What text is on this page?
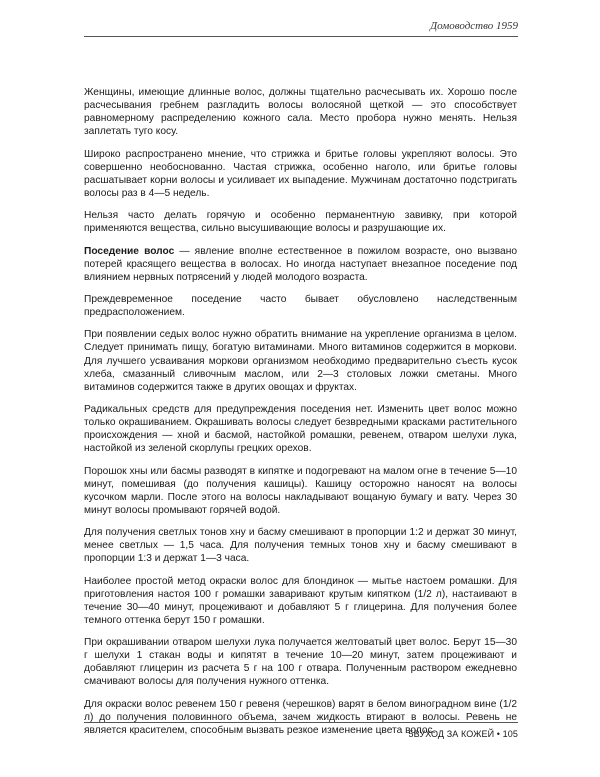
Домоводство 1959

Женщины, имеющие длинные волос, должны тщательно расчесывать их. Хорошо после расчесывания гребнем разгладить волосы волосяной щеткой — это способствует равномерному распределению кожного сала. Место пробора нужно менять. Нельзя заплетать туго косу.

Широко распространено мнение, что стрижка и бритье головы укрепляют волосы. Это совершенно необоснованно. Частая стрижка, особенно наголо, или бритье головы расшатывает корни волосы и усиливает их выпадение. Мужчинам достаточно подстригать волосы раз в 4—5 недель.

Нельзя часто делать горячую и особенно перманентную завивку, при которой применяются вещества, сильно высушивающие волосы и разрушающие их.

Поседение волос — явление вполне естественное в пожилом возрасте, оно вызвано потерей красящего вещества в волосах. Но иногда наступает внезапное поседение под влиянием нервных потрясений у людей молодого возраста.

Преждевременное поседение часто бывает обусловлено наследственным предрасположением.

При появлении седых волос нужно обратить внимание на укрепление организма в целом. Следует принимать пищу, богатую витаминами. Много витаминов содержится в моркови. Для лучшего усваивания моркови организмом необходимо предварительно съесть кусок хлеба, смазанный сливочным маслом, или 2—3 столовых ложки сметаны. Много витаминов содержится также в других овощах и фруктах.

Радикальных средств для предупреждения поседения нет. Изменить цвет волос можно только окрашиванием. Окрашивать волосы следует безвредными красками растительного происхождения — хной и басмой, настойкой ромашки, ревенем, отваром шелухи лука, настойкой из зеленой скорлупы грецких орехов.

Порошок хны или басмы разводят в кипятке и подогревают на малом огне в течение 5—10 минут, помешивая (до получения кашицы). Кашицу осторожно наносят на волосы кусочком марли. После этого на волосы накладывают вощаную бумагу и вату. Через 30 минут волосы промывают горячей водой.

Для получения светлых тонов хну и басму смешивают в пропорции 1:2 и держат 30 минут, менее светлых — 1,5 часа. Для получения темных тонов хну и басму смешивают в пропорции 1:3 и держат 1—3 часа.

Наиболее простой метод окраски волос для блондинок — мытье настоем ромашки. Для приготовления настоя 100 г ромашки заваривают крутым кипятком (1/2 л), настаивают в течение 30—40 минут, процеживают и добавляют 5 г глицерина. Для получения более темного оттенка берут 150 г ромашки.

При окрашивании отваром шелухи лука получается желтоватый цвет волос. Берут 15—30 г шелухи 1 стакан воды и кипятят в течение 10—20 минут, затем процеживают и добавляют глицерин из расчета 5 г на 100 г отвара. Полученным раствором ежедневно смачивают волосы для получения нужного оттенка.

Для окраски волос ревенем 150 г ревеня (черешков) варят в белом виноградном вине (1/2 л) до получения половинного объема, зачем жидкость втирают в волосы. Ревень не является красителем, способным вызвать резкое изменение цвета волос.

5ВУХОД ЗА КОЖЕЙ • 105
